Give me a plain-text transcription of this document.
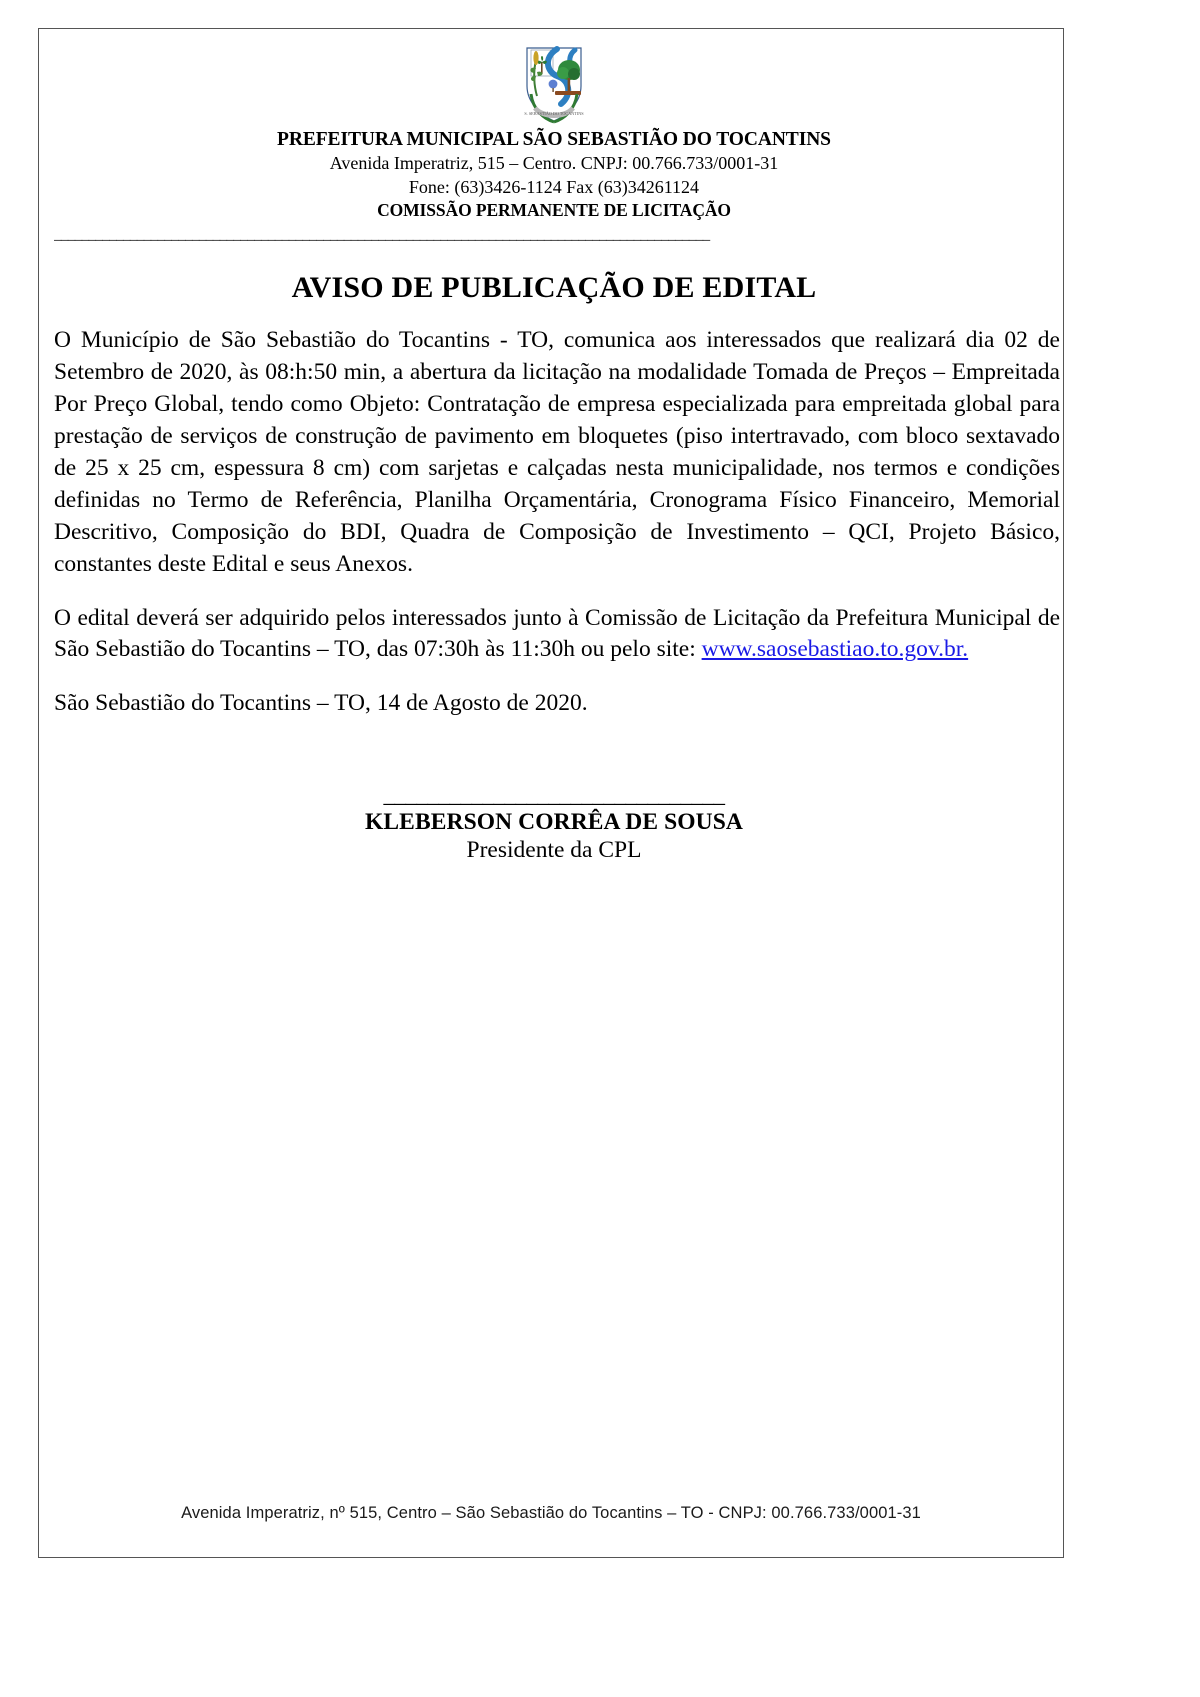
S. SEBASTIÃO DO TOCANTINS
PREFEITURA MUNICIPAL SÃO SEBASTIÃO DO TOCANTINS
Avenida Imperatriz, 515 – Centro. CNPJ: 00.766.733/0001-31
Fone: (63)3426-1124 Fax (63)34261124
COMISSÃO PERMANENTE DE LICITAÇÃO
_______________________________________________________________________________________________
AVISO DE PUBLICAÇÃO DE EDITAL

O Município de São Sebastião do Tocantins - TO, comunica aos interessados que realizará dia 02 de Setembro de 2020, às 08:h:50 min, a abertura da licitação na modalidade Tomada de Preços – Empreitada Por Preço Global, tendo como Objeto: Contratação de empresa especializada para empreitada global para prestação de serviços de construção de pavimento em bloquetes (piso intertravado, com bloco sextavado de 25 x 25 cm, espessura 8 cm) com sarjetas e calçadas nesta municipalidade, nos termos e condições definidas no Termo de Referência, Planilha Orçamentária, Cronograma Físico Financeiro, Memorial Descritivo, Composição do BDI, Quadra de Composição de Investimento – QCI, Projeto Básico, constantes deste Edital e seus Anexos.

O edital deverá ser adquirido pelos interessados junto à Comissão de Licitação da Prefeitura Municipal de São Sebastião do Tocantins – TO, das 07:30h às 11:30h ou pelo site: www.saosebastiao.to.gov.br.

São Sebastião do Tocantins – TO, 14 de Agosto de 2020.

_______________________________
KLEBERSON CORRÊA DE SOUSA
Presidente da CPL
Avenida Imperatriz, nº 515, Centro – São Sebastião do Tocantins – TO - CNPJ: 00.766.733/0001-31
